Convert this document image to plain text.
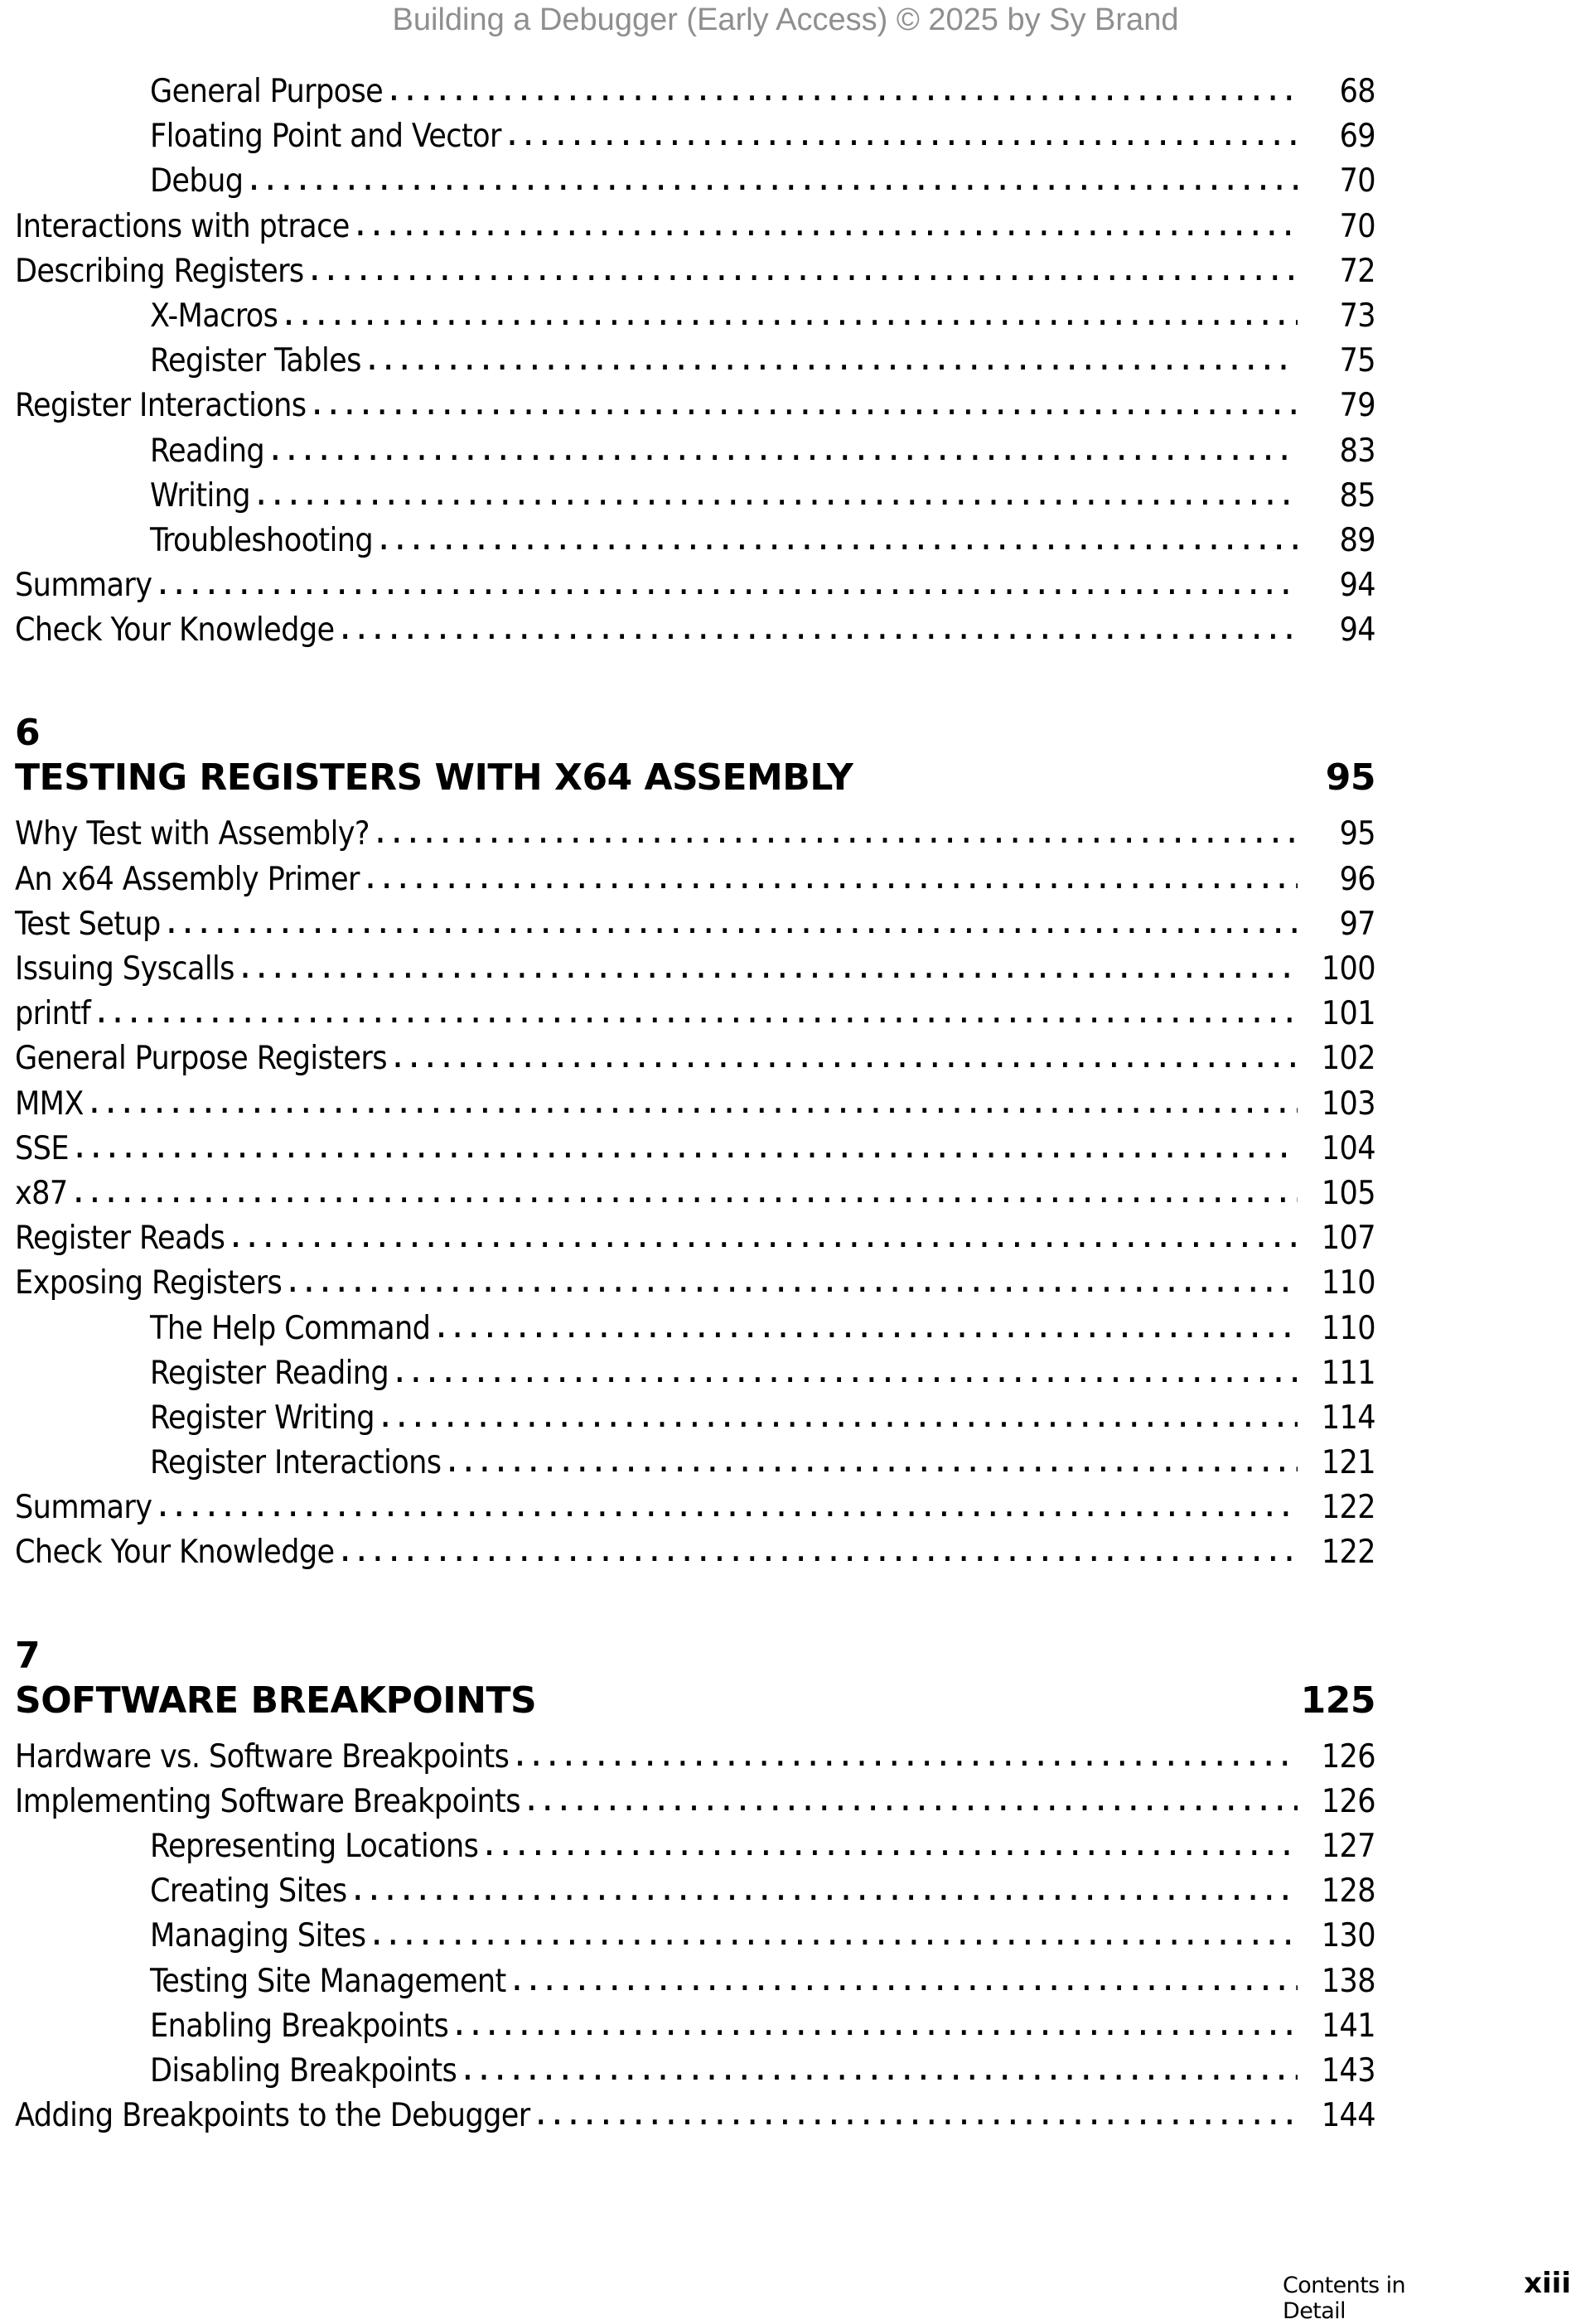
Building a Debugger (Early Access) © 2025 by Sy Brand
General Purpose . . .	68
Floating Point and Vector . . .	69
Debug . . .	70
Interactions with ptrace . . .	70
Describing Registers . . .	72
X-Macros . . .	73
Register Tables . . .	75
Register Interactions . . .	79
Reading . . .	83
Writing . . .	85
Troubleshooting . . .	89
Summary . . .	94
Check Your Knowledge . . .	94
6
TESTING REGISTERS WITH X64 ASSEMBLY	95
Why Test with Assembly? . . .	95
An x64 Assembly Primer . . .	96
Test Setup . . .	97
Issuing Syscalls . . .	100
printf . . .	101
General Purpose Registers . . .	102
MMX . . .	103
SSE . . .	104
x87 . . .	105
Register Reads . . .	107
Exposing Registers . . .	110
The Help Command . . .	110
Register Reading . . .	111
Register Writing . . .	114
Register Interactions . . .	121
Summary . . .	122
Check Your Knowledge . . .	122
7
SOFTWARE BREAKPOINTS	125
Hardware vs. Software Breakpoints . . .	126
Implementing Software Breakpoints . . .	126
Representing Locations . . .	127
Creating Sites . . .	128
Managing Sites . . .	130
Testing Site Management . . .	138
Enabling Breakpoints . . .	141
Disabling Breakpoints . . .	143
Adding Breakpoints to the Debugger . . .	144
Contents in Detail
xiii
